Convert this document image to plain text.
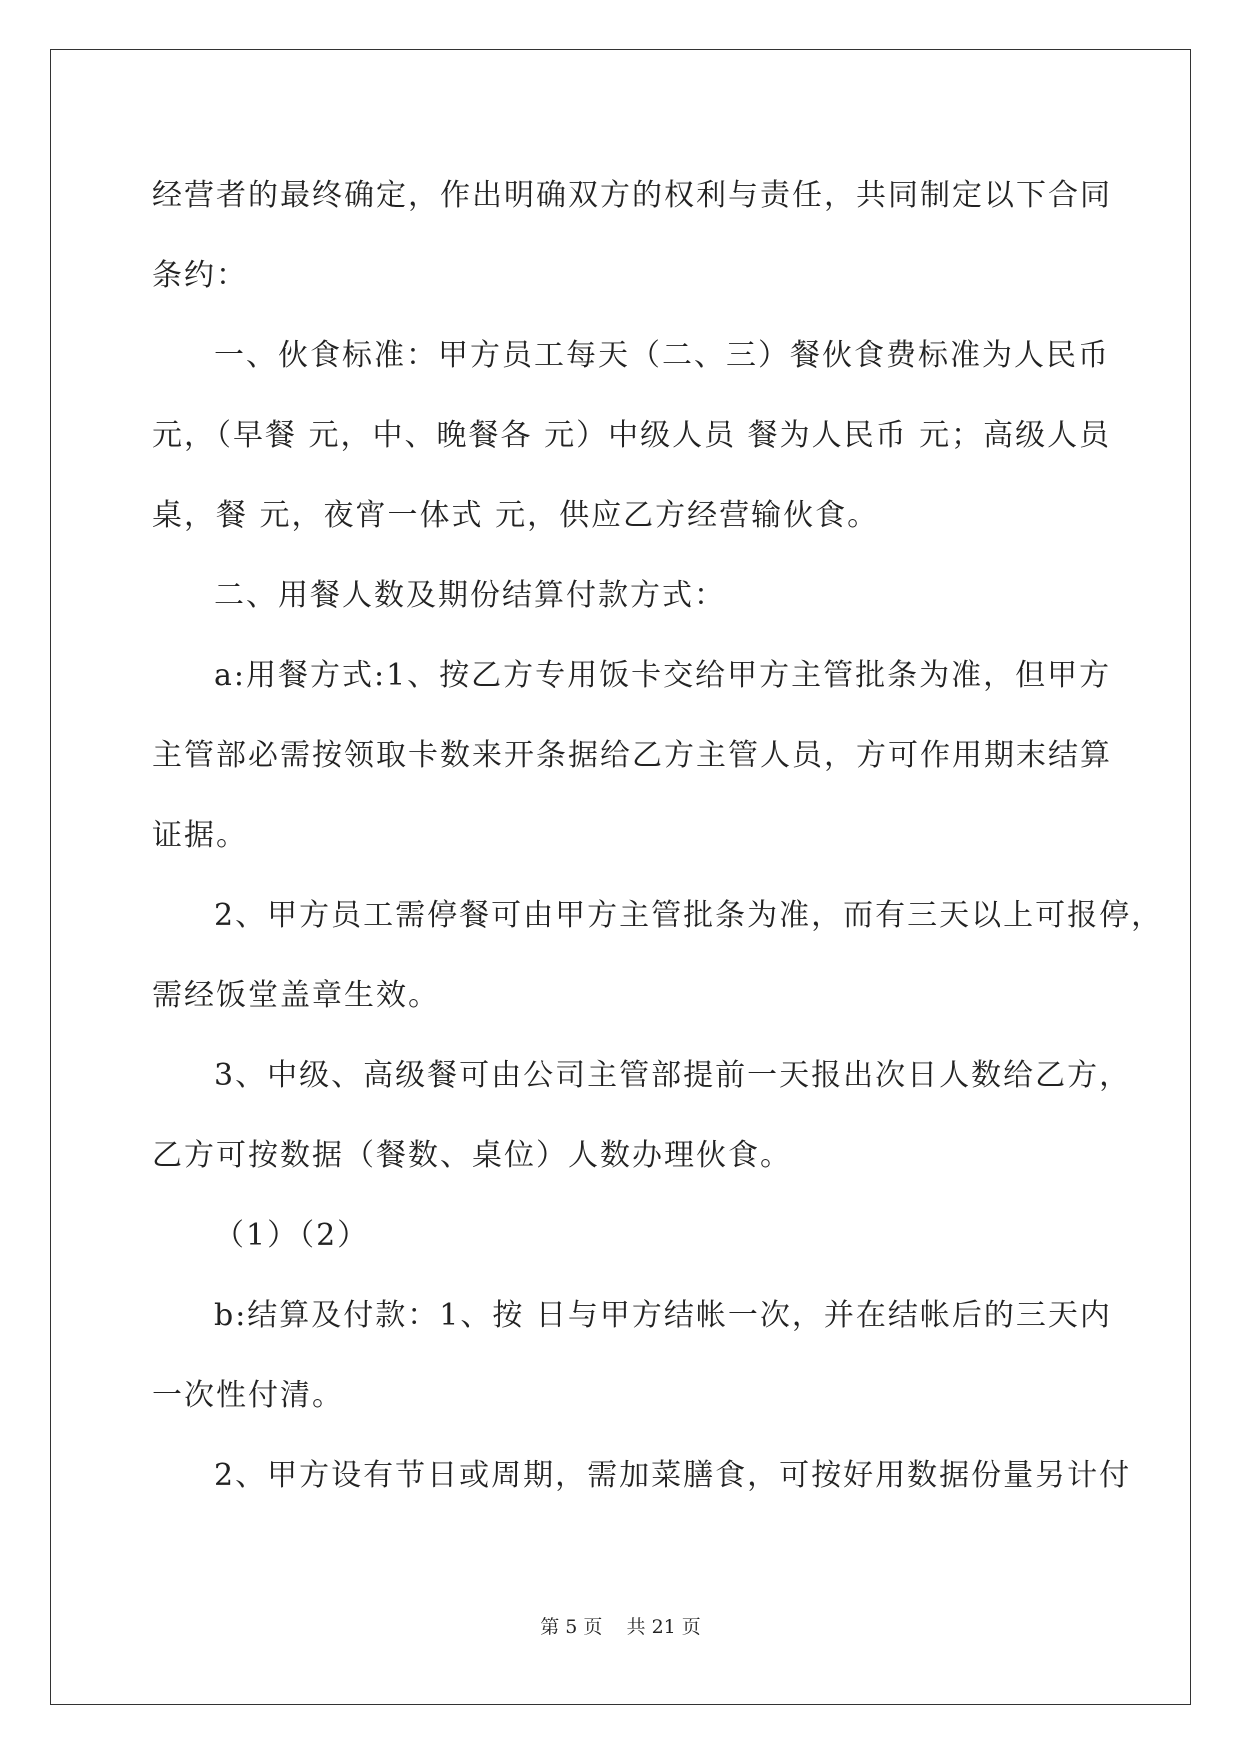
经营者的最终确定，作出明确双方的权利与责任，共同制定以下合同
条约：
一、伙食标准：甲方员工每天（二、三）餐伙食费标准为人民币
元，（早餐 元，中、晚餐各 元）中级人员 餐为人民币 元；高级人员
桌，餐 元，夜宵一体式 元，供应乙方经营输伙食。
二、用餐人数及期份结算付款方式：
a:用餐方式:1、按乙方专用饭卡交给甲方主管批条为准，但甲方
主管部必需按领取卡数来开条据给乙方主管人员，方可作用期末结算
证据。
2、甲方员工需停餐可由甲方主管批条为准，而有三天以上可报停，
需经饭堂盖章生效。
3、中级、高级餐可由公司主管部提前一天报出次日人数给乙方，
乙方可按数据（餐数、桌位）人数办理伙食。
（1）（2）
b:结算及付款：1、按 日与甲方结帐一次，并在结帐后的三天内
一次性付清。
2、甲方设有节日或周期，需加菜膳食，可按好用数据份量另计付
第 5 页    共 21 页
